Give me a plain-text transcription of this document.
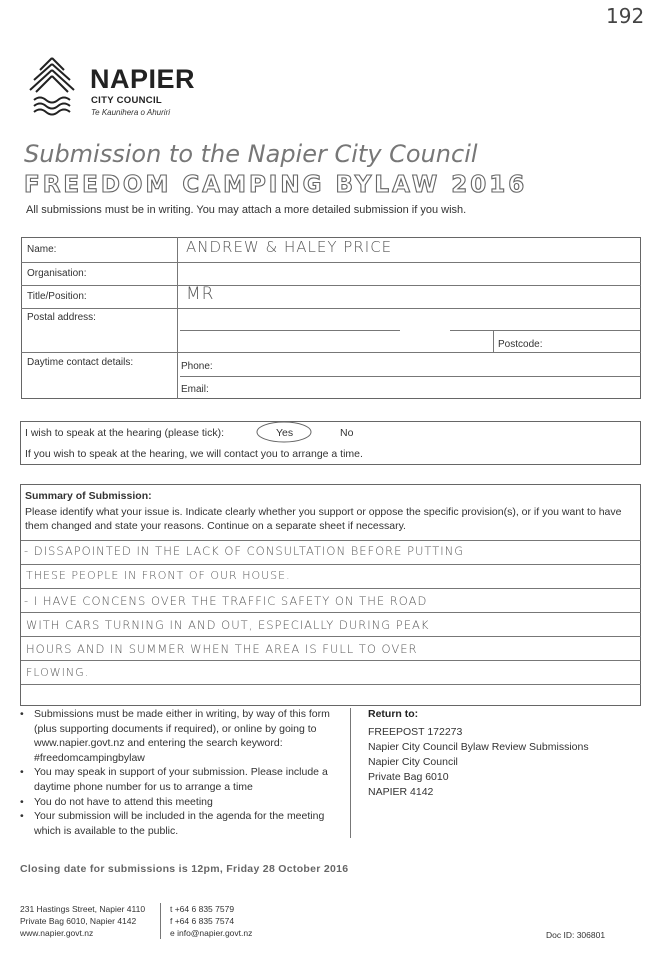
192
NAPIER
CITY COUNCIL
Te Kaunihera o Ahuriri
Submission to the Napier City Council
FREEDOM CAMPING BYLAW 2016
All submissions must be in writing. You may attach a more detailed submission if you wish.
Name:	ANDREW & HALEY PRICE
Organisation:
Title/Position:	MR
Postal address:
Postcode:
Daytime contact details:	Phone:
Email:
I wish to speak at the hearing (please tick):	Yes	No
If you wish to speak at the hearing, we will contact you to arrange a time.
Summary of Submission:
Please identify what your issue is. Indicate clearly whether you support or oppose the specific provision(s), or if you want to have them changed and state your reasons. Continue on a separate sheet if necessary.
- DISSAPOINTED IN THE LACK OF CONSULTATION BEFORE PUTTING
THESE PEOPLE IN FRONT OF OUR HOUSE.
- I HAVE CONCENS OVER THE TRAFFIC SAFETY ON THE ROAD
WITH CARS TURNING IN AND OUT, ESPECIALLY DURING PEAK
HOURS AND IN SUMMER WHEN THE AREA IS FULL TO OVER
FLOWING.
• Submissions must be made either in writing, by way of this form (plus supporting documents if required), or online by going to www.napier.govt.nz and entering the search keyword: #freedomcampingbylaw
• You may speak in support of your submission. Please include a daytime phone number for us to arrange a time
• You do not have to attend this meeting
• Your submission will be included in the agenda for the meeting which is available to the public.
Return to:
FREEPOST 172273
Napier City Council Bylaw Review Submissions
Napier City Council
Private Bag 6010
NAPIER 4142
Closing date for submissions is 12pm, Friday 28 October 2016
231 Hastings Street, Napier 4110
Private Bag 6010, Napier 4142
www.napier.govt.nz
t +64 6 835 7579
f +64 6 835 7574
e info@napier.govt.nz	Doc ID: 306801
